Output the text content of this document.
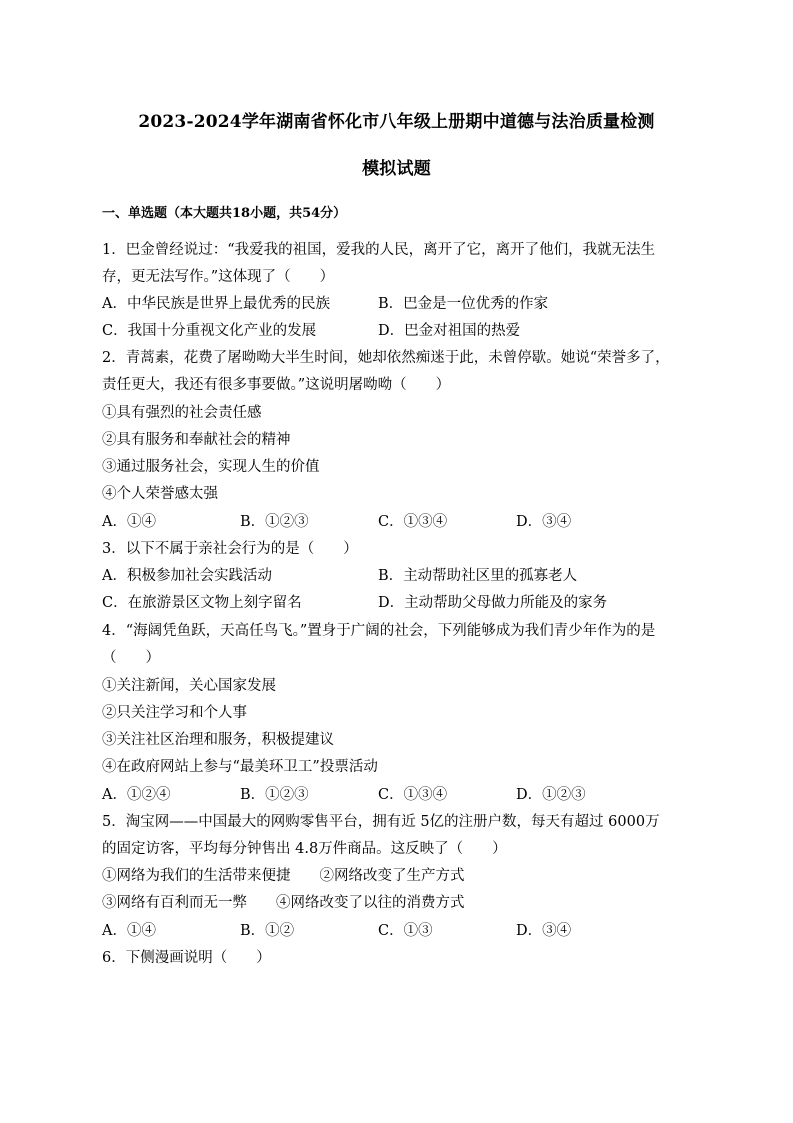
2023-2024学年湖南省怀化市八年级上册期中道德与法治质量检测
模拟试题
一、单选题（本大题共18小题，共54分）
1．巴金曾经说过：“我爱我的祖国，爱我的人民，离开了它，离开了他们，我就无法生
存，更无法写作。”这体现了（　　）
A．中华民族是世界上最优秀的民族	B．巴金是一位优秀的作家
C．我国十分重视文化产业的发展	D．巴金对祖国的热爱
2．青蒿素，花费了屠呦呦大半生时间，她却依然痴迷于此，未曾停歇。她说“荣誉多了，
责任更大，我还有很多事要做。”这说明屠呦呦（　　）
①具有强烈的社会责任感
②具有服务和奉献社会的精神
③通过服务社会，实现人生的价值
④个人荣誉感太强
A．①④	B．①②③	C．①③④	D．③④
3．以下不属于亲社会行为的是（　　）
A．积极参加社会实践活动	B．主动帮助社区里的孤寡老人
C．在旅游景区文物上刻字留名	D．主动帮助父母做力所能及的家务
4．“海阔凭鱼跃，天高任鸟飞。”置身于广阔的社会，下列能够成为我们青少年作为的是
（　　）
①关注新闻，关心国家发展
②只关注学习和个人事
③关注社区治理和服务，积极提建议
④在政府网站上参与“最美环卫工”投票活动
A．①②④	B．①②③	C．①③④	D．①②③
5．淘宝网——中国最大的网购零售平台，拥有近 5亿的注册户数，每天有超过 6000万
的固定访客，平均每分钟售出 4.8万件商品。这反映了（　　）
①网络为我们的生活带来便捷　　②网络改变了生产方式
③网络有百利而无一弊　　④网络改变了以往的消费方式
A．①④	B．①②	C．①③	D．③④
6．下侧漫画说明（　　）
